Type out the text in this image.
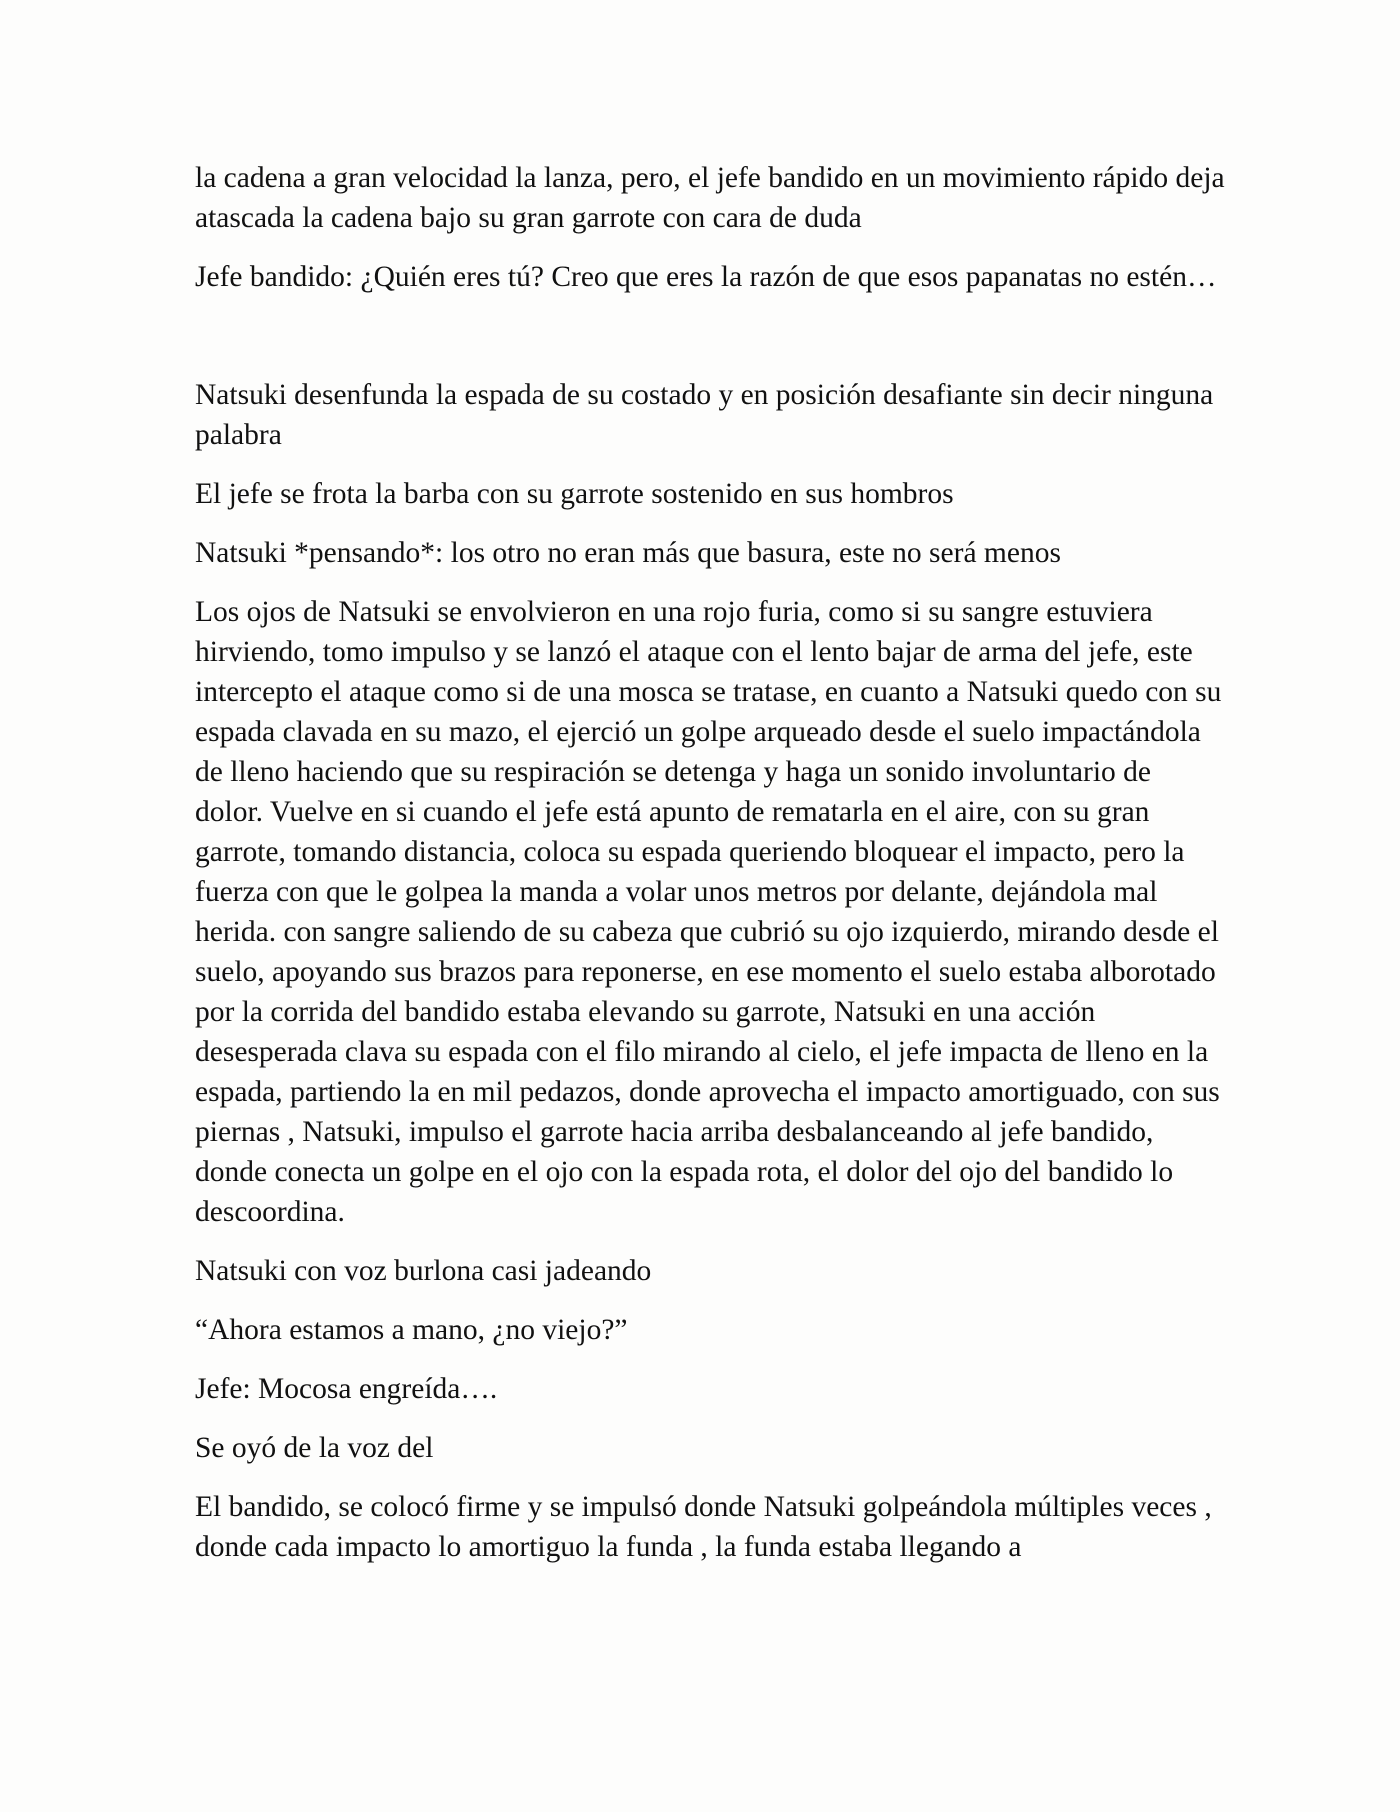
la cadena a gran velocidad la lanza, pero, el jefe bandido en un movimiento rápido deja atascada la cadena bajo su gran garrote con cara de duda

Jefe bandido: ¿Quién eres tú? Creo que eres la razón de que esos papanatas no estén…

Natsuki desenfunda la espada de su costado y en posición desafiante sin decir ninguna palabra

El jefe se frota la barba con su garrote sostenido en sus hombros

Natsuki *pensando*: los otro no eran más que basura, este no será menos

Los ojos de Natsuki se envolvieron en una rojo furia, como si su sangre estuviera hirviendo, tomo impulso y se lanzó el ataque con el lento bajar de arma del jefe, este intercepto el ataque como si de una mosca se tratase, en cuanto a Natsuki quedo con su espada clavada en su mazo, el ejerció un golpe arqueado desde el suelo impactándola de lleno haciendo que su respiración se detenga y haga un sonido involuntario de dolor. Vuelve en si cuando el jefe está apunto de rematarla en el aire, con su gran garrote, tomando distancia, coloca su espada queriendo bloquear el impacto, pero la fuerza con que le golpea la manda a volar unos metros por delante, dejándola mal herida. con sangre saliendo de su cabeza que cubrió su ojo izquierdo, mirando desde el suelo, apoyando sus brazos para reponerse, en ese momento el suelo estaba alborotado por la corrida del bandido estaba elevando su garrote, Natsuki en una acción desesperada clava su espada con el filo mirando al cielo, el jefe impacta de lleno en la espada, partiendo la en mil pedazos, donde aprovecha el impacto amortiguado, con sus piernas , Natsuki, impulso el garrote hacia arriba desbalanceando al jefe bandido, donde conecta un golpe en el ojo con la espada rota, el dolor del ojo del bandido lo descoordina.

Natsuki con voz burlona casi jadeando

“Ahora estamos a mano, ¿no viejo?”

Jefe: Mocosa engreída….

Se oyó de la voz del

El bandido, se colocó firme y se impulsó donde Natsuki golpeándola múltiples veces , donde cada impacto lo amortiguo la funda , la funda estaba llegando a
